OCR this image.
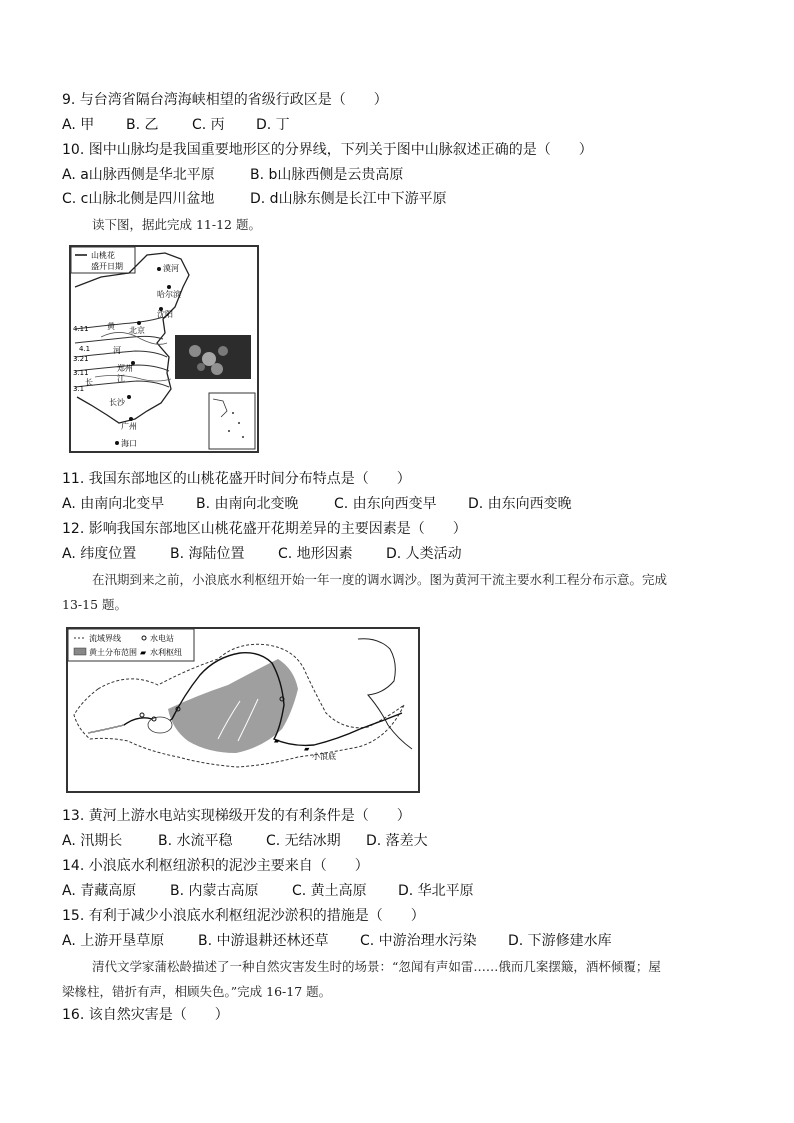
9. 与台湾省隔台湾海峡相望的省级行政区是（　　）
A. 甲 B. 乙 C. 丙 D. 丁
10. 图中山脉均是我国重要地形区的分界线，下列关于图中山脉叙述正确的是（　　）
A. a山脉西侧是华北平原	B. b山脉西侧是云贵高原
C. c山脉北侧是四川盆地	D. d山脉东侧是长江中下游平原
读下图，据此完成 11-12 题。
山桃花
盛开日期	漠河
哈尔滨
沈阳
北京
郑州
长沙
广州
海口
黄
河
长	江
4.11
4.1
3.21
3.11
3.1
11. 我国东部地区的山桃花盛开时间分布特点是（　　）
A. 由南向北变早 B. 由南向北变晚	C. 由东向西变早 D. 由东向西变晚
12. 影响我国东部地区山桃花盛开花期差异的主要因素是（　　）
A. 纬度位置 B. 海陆位置 C. 地形因素 D. 人类活动
在汛期到来之前，小浪底水利枢纽开始一年一度的调水调沙。图为黄河干流主要水利工程分布示意。完成
13-15 题。
流域界线	水电站
黄土分布范围 ▰ 水利枢纽
▰
▰
小浪底
13. 黄河上游水电站实现梯级开发的有利条件是（　　）
A. 汛期长	B. 水流平稳 C. 无结冰期 D. 落差大
14. 小浪底水利枢纽淤积的泥沙主要来自（　　）
A. 青藏高原 B. 内蒙古高原 C. 黄土高原 D. 华北平原
15. 有利于减少小浪底水利枢纽泥沙淤积的措施是（　　）
A. 上游开垦草原 B. 中游退耕还林还草 C. 中游治理水污染 D. 下游修建水库
清代文学家蒲松龄描述了一种自然灾害发生时的场景：“忽闻有声如雷……俄而几案摆簸，酒杯倾覆；屋
梁椽柱，错折有声，相顾失色。”完成 16-17 题。
16. 该自然灾害是（　　）
